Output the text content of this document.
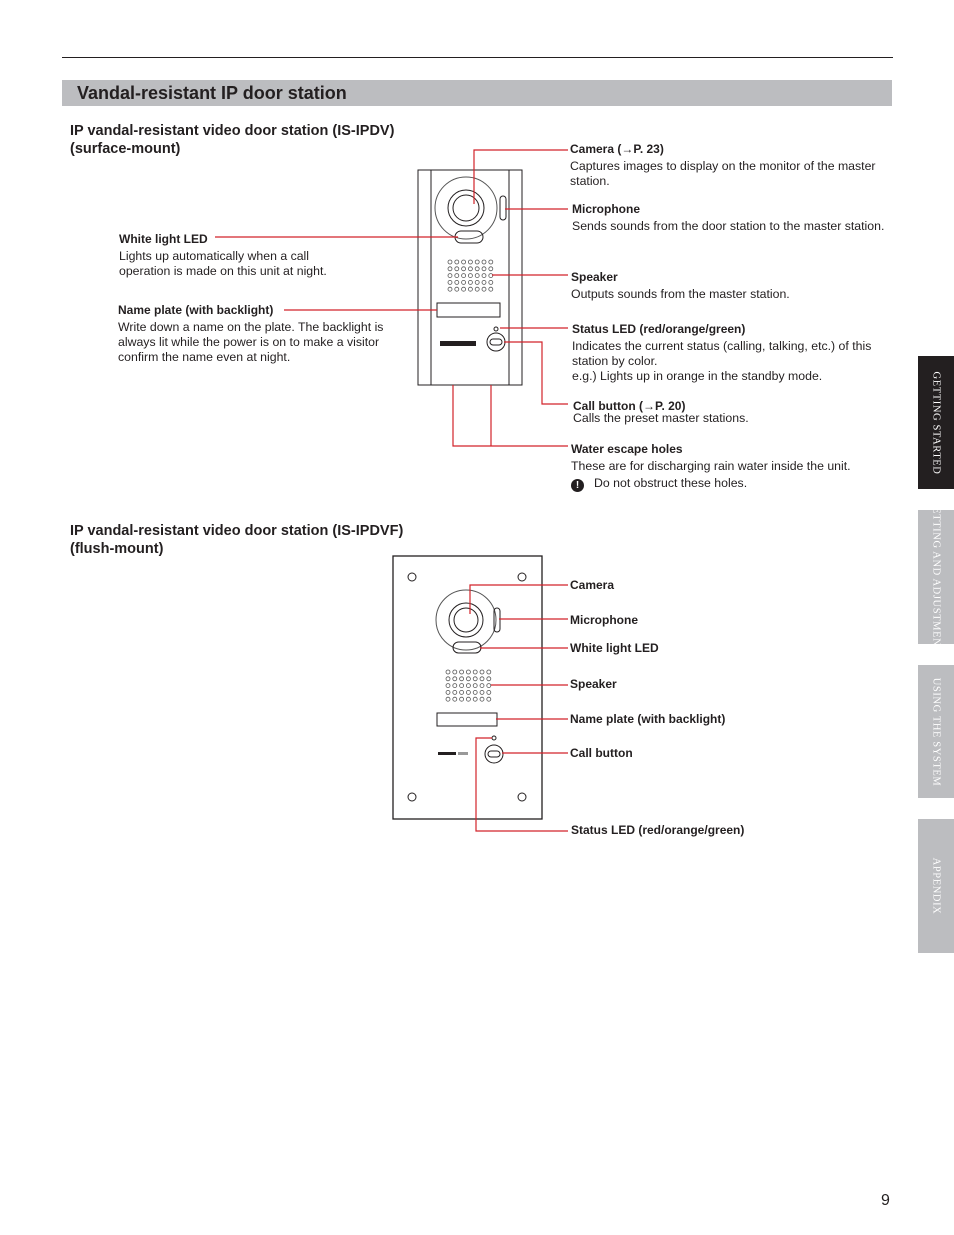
Vandal-resistant IP door station
IP vandal-resistant video door station (IS-IPDV)
(surface-mount)	Camera (→P. 23)
Captures images to display on the monitor of the master station.
Microphone
Sends sounds from the door station to the master station.
Speaker
Outputs sounds from the master station.
Status LED (red/orange/green)
Indicates the current status (calling, talking, etc.) of this station by color.
e.g.) Lights up in orange in the standby mode.
Call button (→P. 20)
Calls the preset master stations.
Water escape holes
These are for discharging rain water inside the unit.
! Do not obstruct these holes.
White light LED
Lights up automatically when a call operation is made on this unit at night.
Name plate (with backlight)
Write down a name on the plate. The backlight is always lit while the power is on to make a visitor confirm the name even at night.
IP vandal-resistant video door station (IS-IPDVF)
(flush-mount)
Camera
Microphone
White light LED
Speaker
Name plate (with backlight)
Call button
Status LED (red/orange/green)
GETTING STARTED
SETTING AND ADJUSTMENT
USING THE SYSTEM
APPENDIX
9
